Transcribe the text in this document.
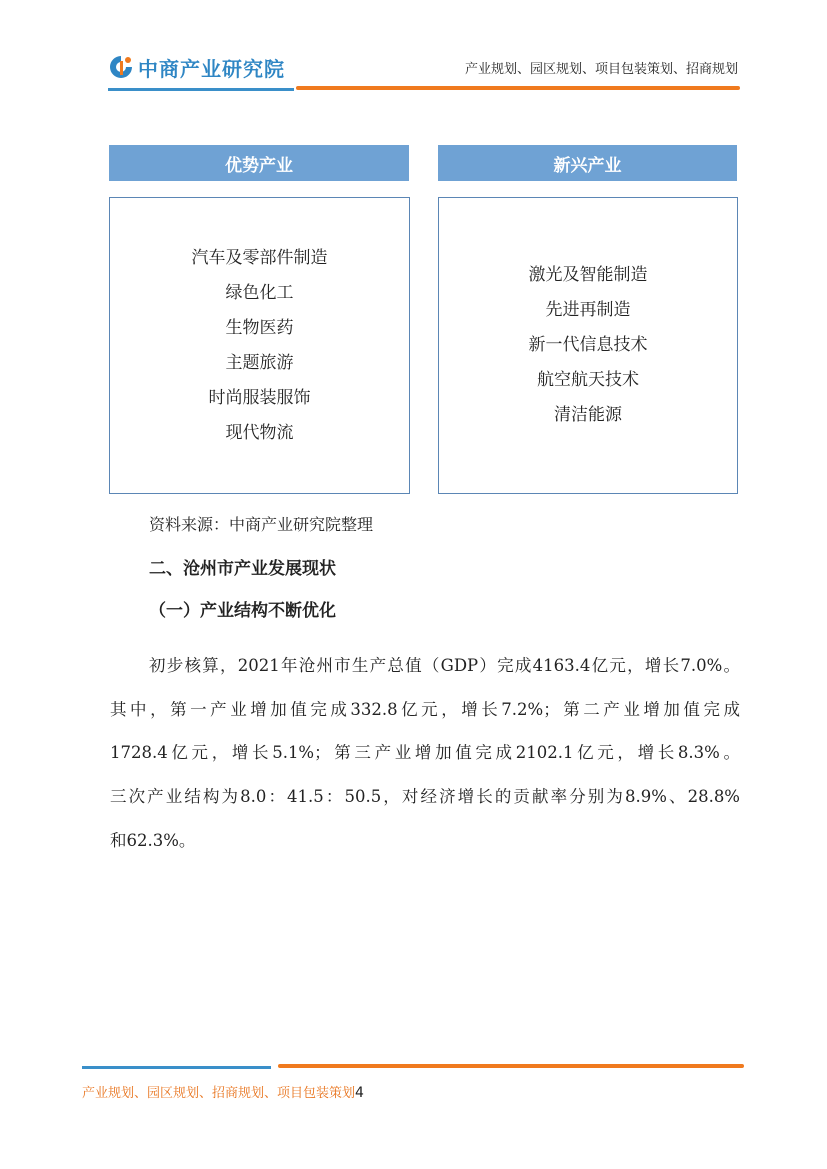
中商产业研究院	产业规划、园区规划、项目包装策划、招商规划
优势产业
汽车及零部件制造
绿色化工
生物医药
主题旅游
时尚服装服饰
现代物流
新兴产业
激光及智能制造
先进再制造
新一代信息技术
航空航天技术
清洁能源
资料来源：中商产业研究院整理
二、沧州市产业发展现状
（一）产业结构不断优化

初步核算，2021年沧州市生产总值（GDP）完成4163.4亿元，增长7.0%。
其中，第一产业增加值完成332.8亿元，增长7.2%；第二产业增加值完成
1728.4亿元，增长5.1%；第三产业增加值完成2102.1亿元，增长8.3%。
三次产业结构为8.0：41.5：50.5，对经济增长的贡献率分别为8.9%、28.8%
和62.3%。

产业规划、园区规划、招商规划、项目包装策划4
